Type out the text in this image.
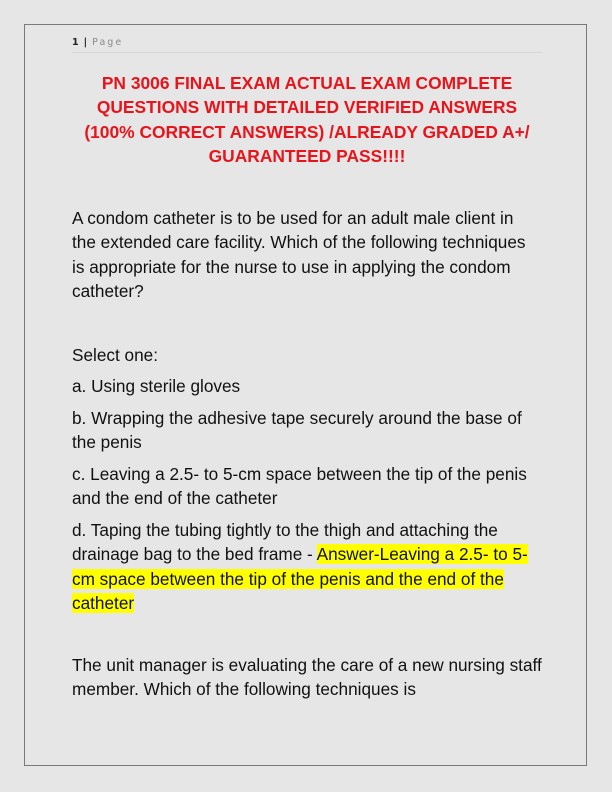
1 | Page
PN 3006 FINAL EXAM ACTUAL EXAM COMPLETE
QUESTIONS WITH DETAILED VERIFIED ANSWERS
(100% CORRECT ANSWERS) /ALREADY GRADED A+/
GUARANTEED PASS!!!!
A condom catheter is to be used for an adult male client in the extended care facility. Which of the following techniques is appropriate for the nurse to use in applying the condom catheter?
Select one:
a. Using sterile gloves
b. Wrapping the adhesive tape securely around the base of the penis
c. Leaving a 2.5- to 5-cm space between the tip of the penis and the end of the catheter
d. Taping the tubing tightly to the thigh and attaching the drainage bag to the bed frame - Answer-Leaving a 2.5- to 5-cm space between the tip of the penis and the end of the catheter
The unit manager is evaluating the care of a new nursing staff member. Which of the following techniques is
